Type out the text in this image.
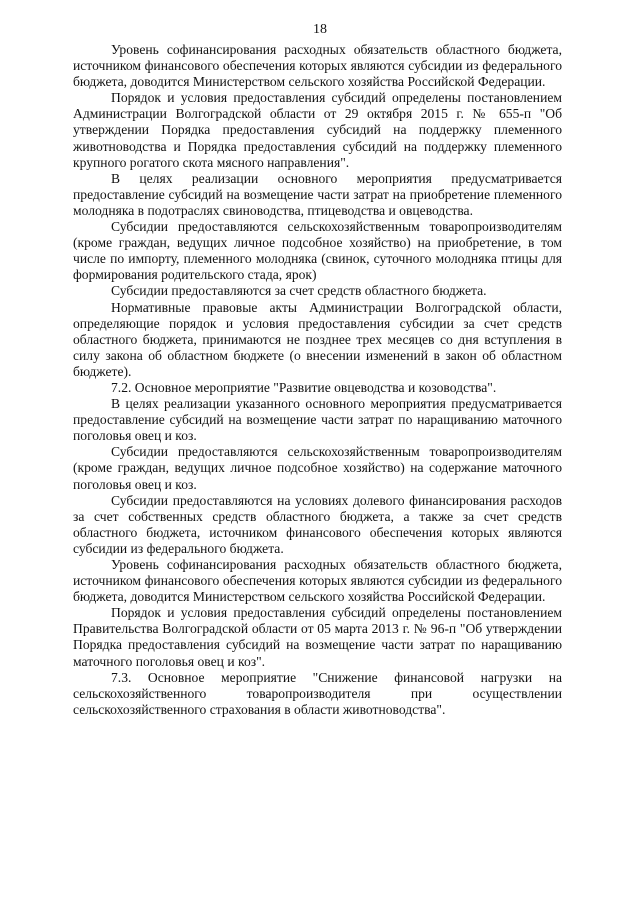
18

Уровень софинансирования расходных обязательств областного бюджета, источником финансового обеспечения которых являются субсидии из федерального бюджета, доводится Министерством сельского хозяйства Российской Федерации.

Порядок и условия предоставления субсидий определены постановлением Администрации Волгоградской области от 29 октября 2015 г. № 655-п "Об утверждении Порядка предоставления субсидий на поддержку племенного животноводства и Порядка предоставления субсидий на поддержку племенного крупного рогатого скота мясного направления".

В целях реализации основного мероприятия предусматривается предоставление субсидий на возмещение части затрат на приобретение племенного молодняка в подотраслях свиноводства, птицеводства и овцеводства.

Субсидии предоставляются сельскохозяйственным товаропроизводителям (кроме граждан, ведущих личное подсобное хозяйство) на приобретение, в том числе по импорту, племенного молодняка (свинок, суточного молодняка птицы для формирования родительского стада, ярок)

Субсидии предоставляются за счет средств областного бюджета.

Нормативные правовые акты Администрации Волгоградской области, определяющие порядок и условия предоставления субсидии за счет средств областного бюджета, принимаются не позднее трех месяцев со дня вступления в силу закона об областном бюджете (о внесении изменений в закон об областном бюджете).

7.2. Основное мероприятие "Развитие овцеводства и козоводства".

В целях реализации указанного основного мероприятия предусматривается предоставление субсидий на возмещение части затрат по наращиванию маточного поголовья овец и коз.

Субсидии предоставляются сельскохозяйственным товаропроизводителям (кроме граждан, ведущих личное подсобное хозяйство) на содержание маточного поголовья овец и коз.

Субсидии предоставляются на условиях долевого финансирования расходов за счет собственных средств областного бюджета, а также за счет средств областного бюджета, источником финансового обеспечения которых являются субсидии из федерального бюджета.

Уровень софинансирования расходных обязательств областного бюджета, источником финансового обеспечения которых являются субсидии из федерального бюджета, доводится Министерством сельского хозяйства Российской Федерации.

Порядок и условия предоставления субсидий определены постановлением Правительства Волгоградской области от 05 марта 2013 г. № 96-п "Об утверждении Порядка предоставления субсидий на возмещение части затрат по наращиванию маточного поголовья овец и коз".

7.3. Основное мероприятие "Снижение финансовой нагрузки на сельскохозяйственного товаропроизводителя при осуществлении сельскохозяйственного страхования в области животноводства".
